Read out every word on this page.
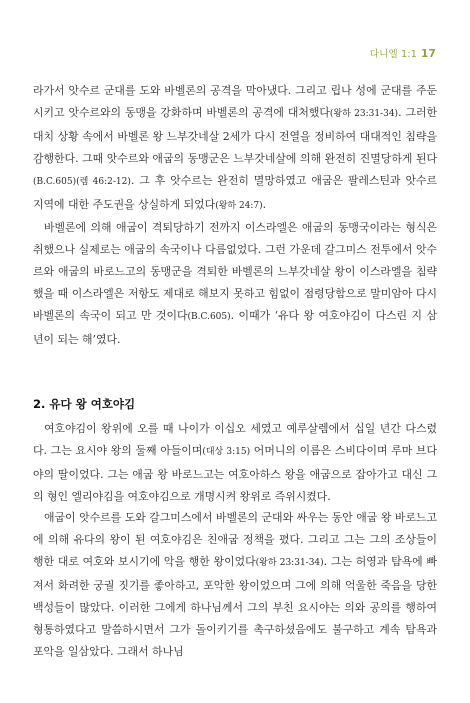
다니엘 1:1 17

라가서 앗수르 군대를 도와 바벨론의 공격을 막아냈다. 그리고 립나 성에 군대를 주둔시키고 앗수르와의 동맹을 강화하며 바벨론의 공격에 대처했다(왕하 23:31-34). 그러한 대치 상황 속에서 바벨론 왕 느부갓네살 2세가 다시 전열을 정비하여 대대적인 침략을 감행한다. 그때 앗수르와 애굽의 동맹군은 느부갓네살에 의해 완전히 진멸당하게 된다(B.C.605)(렘 46:2-12). 그 후 앗수르는 완전히 멸망하였고 애굽은 팔레스틴과 앗수르 지역에 대한 주도권을 상실하게 되었다(왕하 24:7).

바벨론에 의해 애굽이 격퇴당하기 전까지 이스라엘은 애굽의 동맹국이라는 형식은 취했으나 실제로는 애굽의 속국이나 다름없었다. 그런 가운데 갈그미스 전투에서 앗수르와 애굽의 바로느고의 동맹군을 격퇴한 바벨론의 느부갓네살 왕이 이스라엘을 침략했을 때 이스라엘은 저항도 제대로 해보지 못하고 힘없이 점령당함으로 말미암아 다시 바벨론의 속국이 되고 만 것이다(B.C.605). 이때가 ‘유다 왕 여호야김이 다스린 지 삼 년이 되는 해’였다.

2. 유다 왕 여호야김

여호야김이 왕위에 오를 때 나이가 이십오 세였고 예루살렘에서 십일 년간 다스렸다. 그는 요시야 왕의 둘째 아들이며(대상 3:15) 어머니의 이름은 스비다이며 루마 브다야의 딸이었다. 그는 애굽 왕 바로느고는 여호아하스 왕을 애굽으로 잡아가고 대신 그의 형인 엘리야김을 여호야김으로 개명시켜 왕위로 즉위시켰다.

애굽이 앗수르를 도와 갈그미스에서 바벨론의 군대와 싸우는 동안 애굽 왕 바로느고에 의해 유다의 왕이 된 여호야김은 친애굽 정책을 폈다. 그리고 그는 그의 조상들이 행한 대로 여호와 보시기에 악을 행한 왕이었다(왕하 23:31-34). 그는 허영과 탐욕에 빠져서 화려한 궁궐 짓기를 좋아하고, 포악한 왕이었으며 그에 의해 억울한 죽음을 당한 백성들이 많았다. 이러한 그에게 하나님께서 그의 부친 요시야는 의와 공의를 행하여 형통하였다고 말씀하시면서 그가 돌이키기를 촉구하셨음에도 불구하고 계속 탐욕과 포악을 일삼았다. 그래서 하나님
